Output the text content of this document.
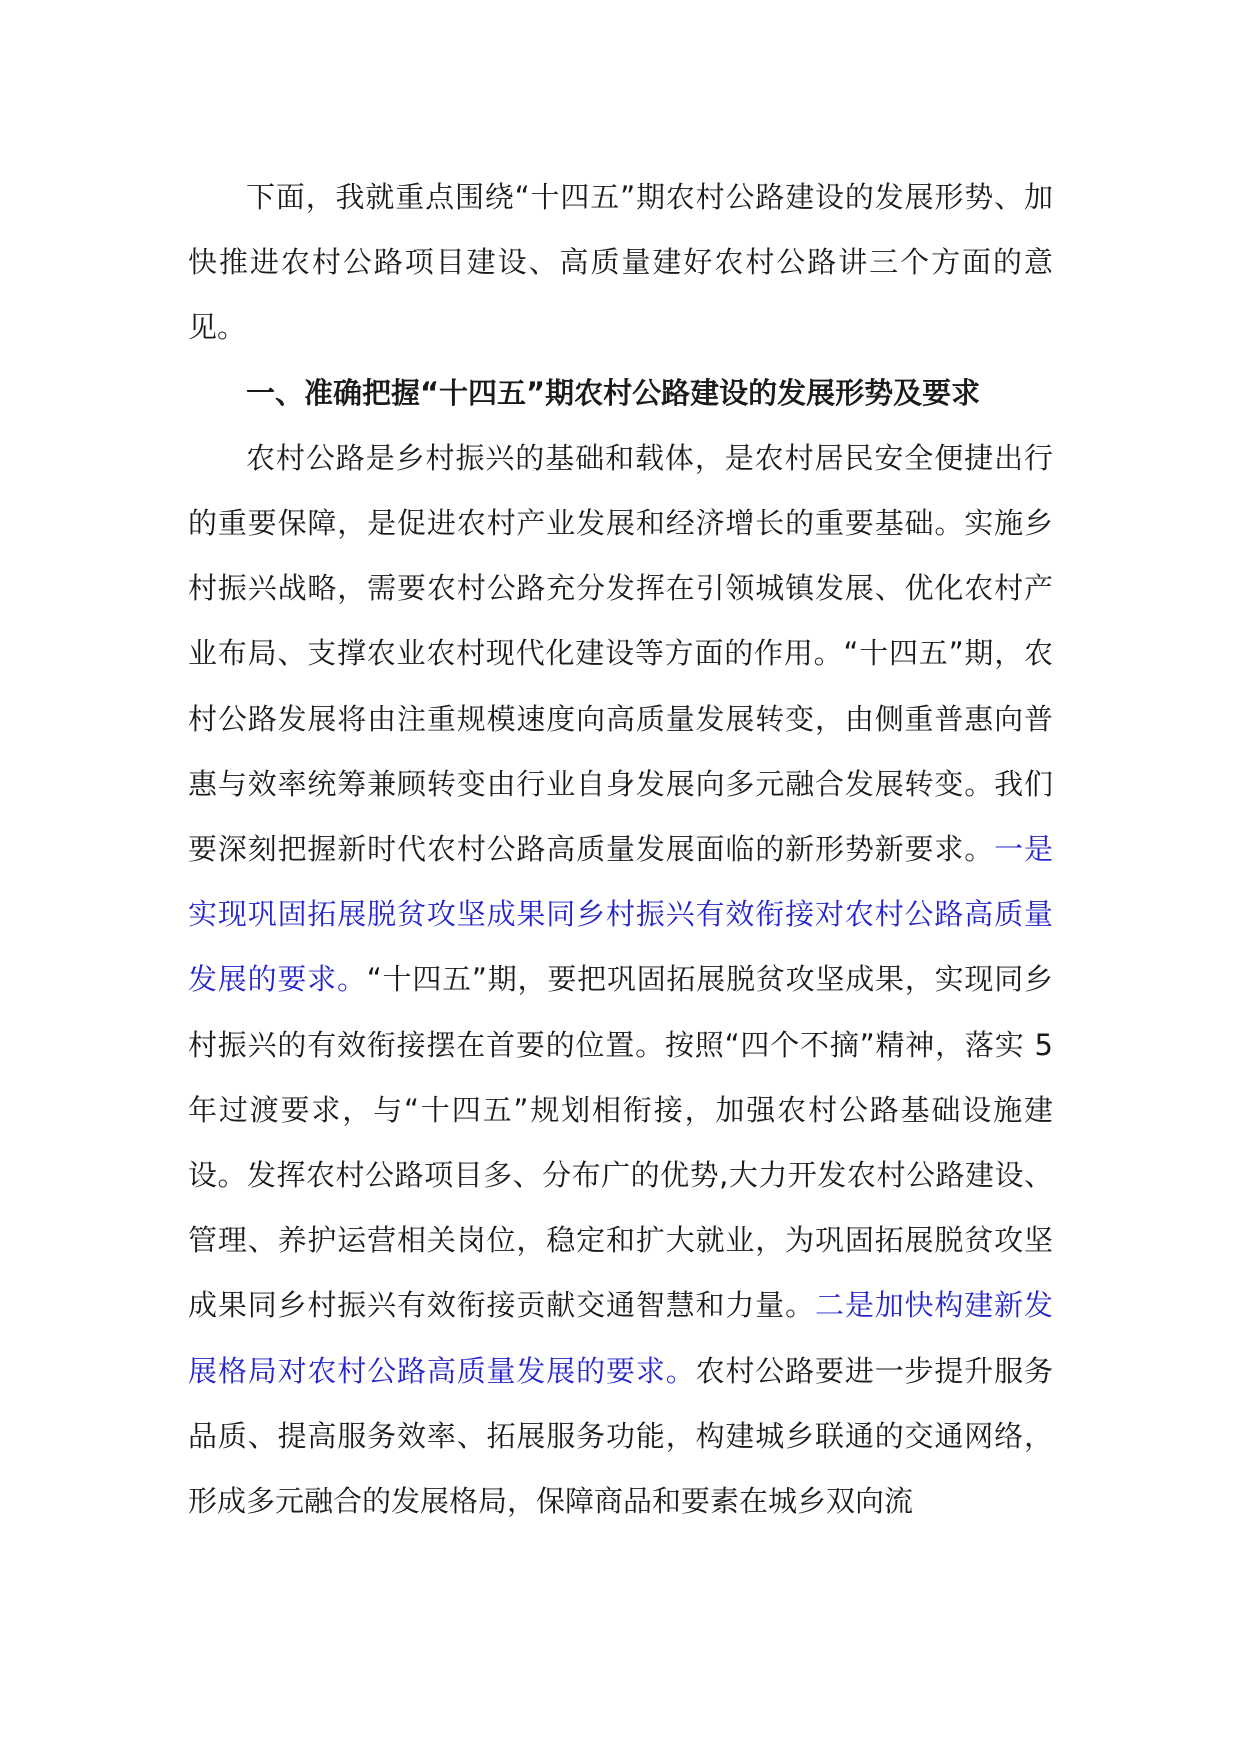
下面，我就重点围绕“十四五”期农村公路建设的发展形势、加快推进农村公路项目建设、高质量建好农村公路讲三个方面的意见。

一、准确把握“十四五”期农村公路建设的发展形势及要求

农村公路是乡村振兴的基础和载体，是农村居民安全便捷出行的重要保障，是促进农村产业发展和经济增长的重要基础。实施乡村振兴战略，需要农村公路充分发挥在引领城镇发展、优化农村产业布局、支撑农业农村现代化建设等方面的作用。“十四五”期，农村公路发展将由注重规模速度向高质量发展转变，由侧重普惠向普惠与效率统筹兼顾转变由行业自身发展向多元融合发展转变。我们要深刻把握新时代农村公路高质量发展面临的新形势新要求。一是实现巩固拓展脱贫攻坚成果同乡村振兴有效衔接对农村公路高质量发展的要求。“十四五”期，要把巩固拓展脱贫攻坚成果，实现同乡村振兴的有效衔接摆在首要的位置。按照“四个不摘”精神，落实 5 年过渡要求，与“十四五”规划相衔接，加强农村公路基础设施建设。发挥农村公路项目多、分布广的优势,大力开发农村公路建设、管理、养护运营相关岗位，稳定和扩大就业，为巩固拓展脱贫攻坚成果同乡村振兴有效衔接贡献交通智慧和力量。二是加快构建新发展格局对农村公路高质量发展的要求。农村公路要进一步提升服务品质、提高服务效率、拓展服务功能，构建城乡联通的交通网络，形成多元融合的发展格局，保障商品和要素在城乡双向流
